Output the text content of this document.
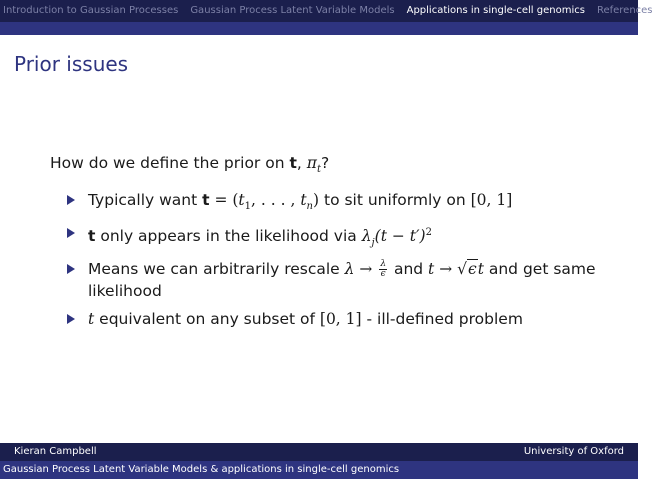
Introduction to Gaussian Processes	Gaussian Process Latent Variable Models	Applications in single-cell genomics	References
Prior issues

How do we define the prior on t, $\pi_t$?

Typically want $t = (t_1$, . . . , $t_n$) to sit uniformly on [0, 1]
t only appears in the likelihood via $\lambda_j(t - t')^2$
Means we can arbitrarily rescale $\lambda \to \frac{\lambda}{\epsilon}$ and t → √ϵt and get same likelihood
t equivalent on any subset of [0, 1] - ill-defined problem
Kieran Campbell	University of Oxford
Gaussian Process Latent Variable Models & applications in single-cell genomics
